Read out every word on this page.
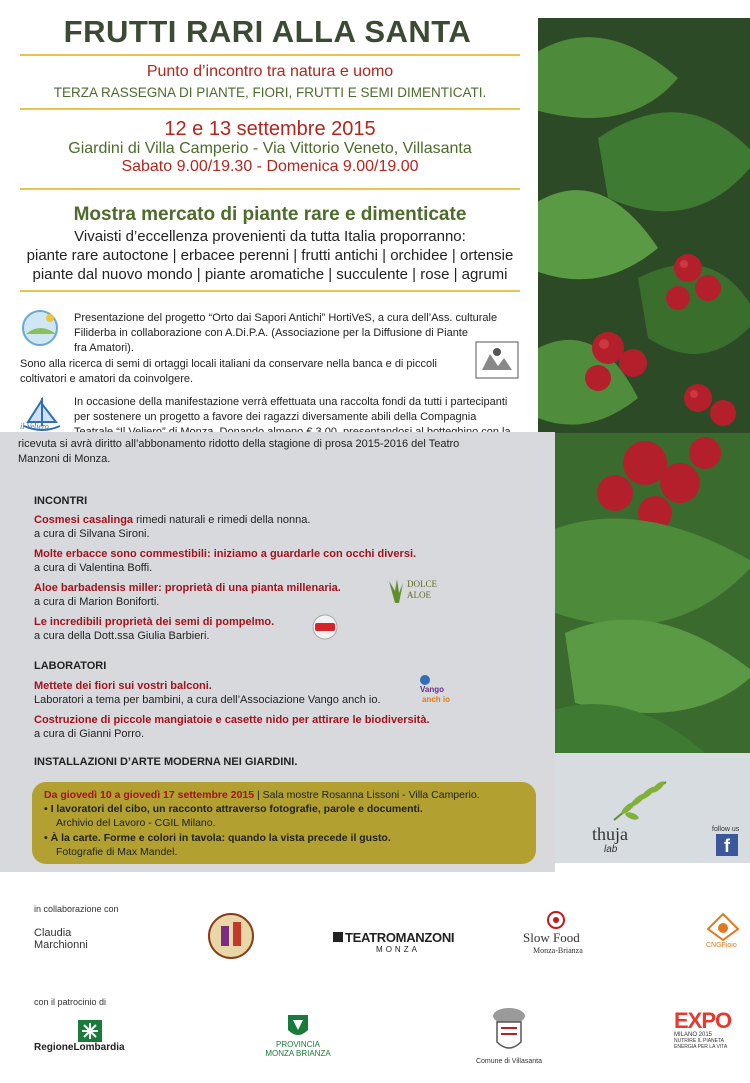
FRUTTI RARI ALLA SANTA
Punto d’incontro tra natura e uomo
TERZA RASSEGNA DI PIANTE, FIORI, FRUTTI E SEMI DIMENTICATI.
12 e 13 settembre 2015
Giardini di Villa Camperio - Via Vittorio Veneto, Villasanta
Sabato 9.00/19.30 - Domenica 9.00/19.00
Mostra mercato di piante rare e dimenticate
Vivaisti d’eccellenza provenienti da tutta Italia proporranno:
piante rare autoctone | erbacee perenni | frutti antichi | orchidee | ortensie
piante dal nuovo mondo | piante aromatiche | succulente | rose | agrumi
Presentazione del progetto “Orto dai Sapori Antichi” HortiVeS, a cura dell’Ass. culturale
Filiderba in collaborazione con A.Di.P.A. (Associazione per la Diffusione di Piante
fra Amatori).
Sono alla ricerca di semi di ortaggi locali italiani da conservare nella banca e di piccoli
coltivatori e amatori da coinvolgere.
il Veliero
In occasione della manifestazione verrà effettuata una raccolta fondi da tutti i partecipanti
per sostenere un progetto a favore dei ragazzi diversamente abili della Compagnia
ricevuta si avrà diritto all’abbonamento ridotto della stagione di prosa 2015-2016 del Teatro
Manzoni di Monza.
INCONTRI
Cosmesi casalinga rimedi naturali e rimedi della nonna.
a cura di Silvana Sironi.
Molte erbacce sono commestibili: iniziamo a guardarle con occhi diversi.
a cura di Valentina Boffi.
Aloe barbadensis miller: proprietà di una pianta millenaria.
a cura di Marion Boniforti.
DOLCE
ALOE
Le incredibili proprietà dei semi di pompelmo.
a cura della Dott.ssa Giulia Barbieri.
LABORATORI
Mettete dei fiori sui vostri balconi.
Laboratori a tema per bambini, a cura dell’Associazione Vango anch io.
Vango
anch io
Costruzione di piccole mangiatoie e casette nido per attirare le biodiversità.
a cura di Gianni Porro.
INSTALLAZIONI D’ARTE MODERNA NEI GIARDINI.
Da giovedì 10 a giovedì 17 settembre 2015 | Sala mostre Rosanna Lissoni - Villa Camperio.
• I lavoratori del cibo, un racconto attraverso fotografie, parole e documenti.
Archivio del Lavoro - CGIL Milano.
• À la carte. Forme e colori in tavola: quando la vista precede il gusto.
Fotografie di Max Mandel.
thuja
lab
follow us
f
in collaborazione con
Claudia
Marchionni	TEATROMANZONI
MONZA
Slow Food
Monza-Brianza
CNGFioio
con il patrocinio di
RegioneLombardia	PROVINCIA
MONZA BRIANZA
Comune di Villasanta
EXPO
MILANO 2015
NUTRIRE IL PIANETA
ENERGIA PER LA VITA
